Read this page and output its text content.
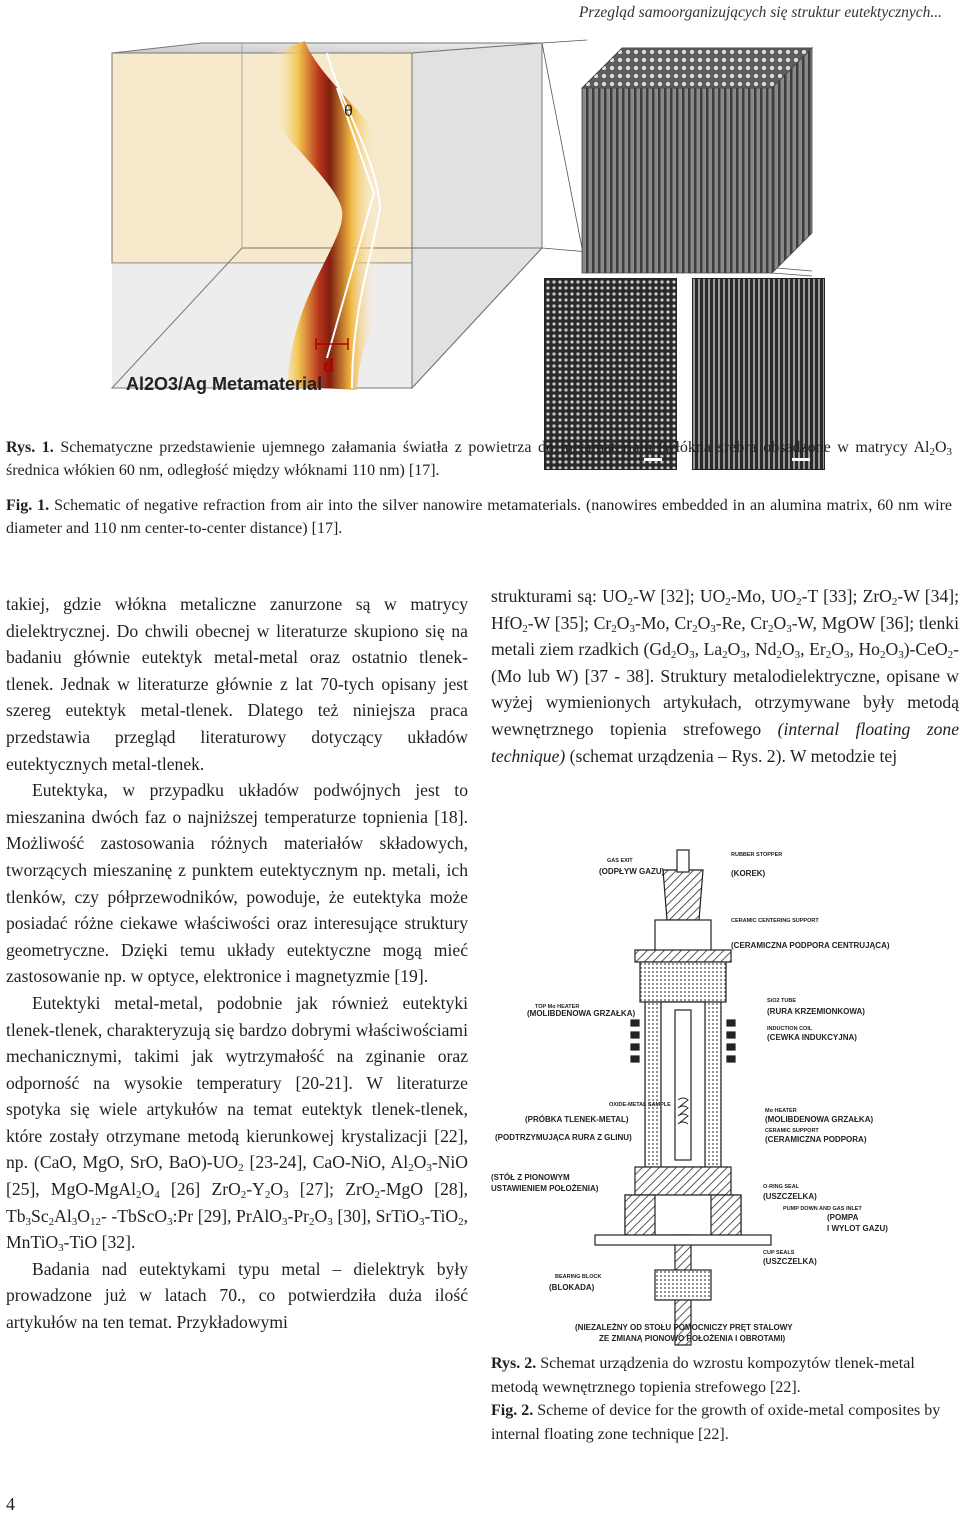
Przegląd samoorganizujących się struktur eutektycznych...
θ
d
Al2O3/Ag Metamaterial
Rys. 1. Schematyczne przedstawienie ujemnego załamania światła z powietrza do metamateriału (włókna srebra obsadzone w matrycy $Al_2O_3$ średnica włókien 60 nm, odległość między włóknami 110 nm) [17].
Fig. 1. Schematic of negative refraction from air into the silver nanowire metamaterials. (nanowires embedded in an alumina matrix, 60 nm wire diameter and 110 nm center-to-center distance) [17].

takiej, gdzie włókna metaliczne zanurzone są w matrycy dielektrycznej. Do chwili obecnej w literaturze skupiono się na badaniu głównie eutektyk metal-metal oraz ostatnio tlenek-tlenek. Jednak w literaturze głównie z lat 70-tych opisany jest szereg eutektyk metal-tlenek. Dlatego też niniejsza praca przedstawia przegląd literaturowy dotyczący układów eutektycznych metal-tlenek.

Eutektyka, w przypadku układów podwójnych jest to mieszanina dwóch faz o najniższej temperaturze topnienia [18]. Możliwość zastosowania różnych materiałów składowych, tworzących mieszaninę z punktem eutektycznym np. metali, ich tlenków, czy półprzewodników, powoduje, że eutektyka może posiadać różne ciekawe właściwości oraz interesujące struktury geometryczne. Dzięki temu układy eutektyczne mogą mieć zastosowanie np. w optyce, elektronice i magnetyzmie [19].

Eutektyki metal-metal, podobnie jak również eutektyki tlenek-tlenek, charakteryzują się bardzo dobrymi właściwościami mechanicznymi, takimi jak wytrzymałość na zginanie oraz odporność na wysokie temperatury [20-21]. W literaturze spotyka się wiele artykułów na temat eutektyk tlenek-tlenek, które zostały otrzymane metodą kierunkowej krystalizacji [22], np. (CaO, MgO, SrO, $BaO)-UO_2$ [23-24], CaO-NiO, $Al_2O_3$-NiO [25], MgO-$MgAl_2O_4$ [26] $ZrO_2-Y_2O_3$ [27]; ZrO$_2$-MgO [28], $Tb_3Sc_2Al_3O_{12}-$ -TbScO$_3$:Pr [29], $PrAlO_3-Pr_2O_3$ [30], SrTiO$_3$-TiO$_2$, MnTiO$_3$-TiO [32].

Badania nad eutektykami typu metal – dielektryk były prowadzone już w latach 70., co potwierdziła duża ilość artykułów na ten temat. Przykładowymi

strukturami są: $UO_2-W$ [32]; $UO_2-Mo$, $UO_2-T$ [33]; ZrO$_2$-W [34]; HfO$_2$-W [35]; $Cr_2O_3-Mo$, $Cr_2O_3-Re$, $Cr_2O_3-W$, MgOW [36]; tlenki metali ziem rzadkich ($Gd_2O_3$, $La_2O_3$, $Nd_2O_3$, $Er_2O_3$, $Ho_2O_3)-CeO_2-(Mo$ lub W) [37 - 38]. Struktury metalodielektryczne, opisane w wyżej wymienionych artykułach, otrzymywane były metodą wewnętrznego topienia strefowego (internal floating zone technique) (schemat urządzenia – Rys. 2). W metodzie tej

GAS EXIT
(ODPŁYW GAZU)
RUBBER STOPPER
(KOREK)
CERAMIC CENTERING SUPPORT
(CERAMICZNA PODPORA CENTRUJĄCA)
TOP Mo HEATER
(MOLIBDENOWA GRZAŁKA)
SiO2 TUBE
(RURA KRZEMIONKOWA)
INDUCTION COIL
(CEWKA INDUKCYJNA)
OXIDE-METAL SAMPLE
(PRÓBKA TLENEK-METAL)
Mo HEATER
(MOLIBDENOWA GRZAŁKA)
CERAMIC SUPPORT
(CERAMICZNA PODPORA)
(PODTRZYMUJĄCA RURA Z GLINU)
(STÓŁ Z PIONOWYM
USTAWIENIEM POŁOŻENIA)	O-RING SEAL
(USZCZELKA)
PUMP DOWN AND GAS INLET
(POMPA
I WYLOT GAZU)
CUP SEALS
(USZCZELKA)
BEARING BLOCK
(BLOKADA)
(NIEZALEŻNY OD STOŁU POMOCNICZY PRĘT STALOWY
ZE ZMIANĄ PIONOWO POŁOŻENIA I OBROTAMI)

Rys. 2. Schemat urządzenia do wzrostu kompozytów tlenek-metal metodą wewnętrznego topienia strefowego [22].

Fig. 2. Scheme of device for the growth of oxide-metal composites by internal floating zone technique [22].

4
